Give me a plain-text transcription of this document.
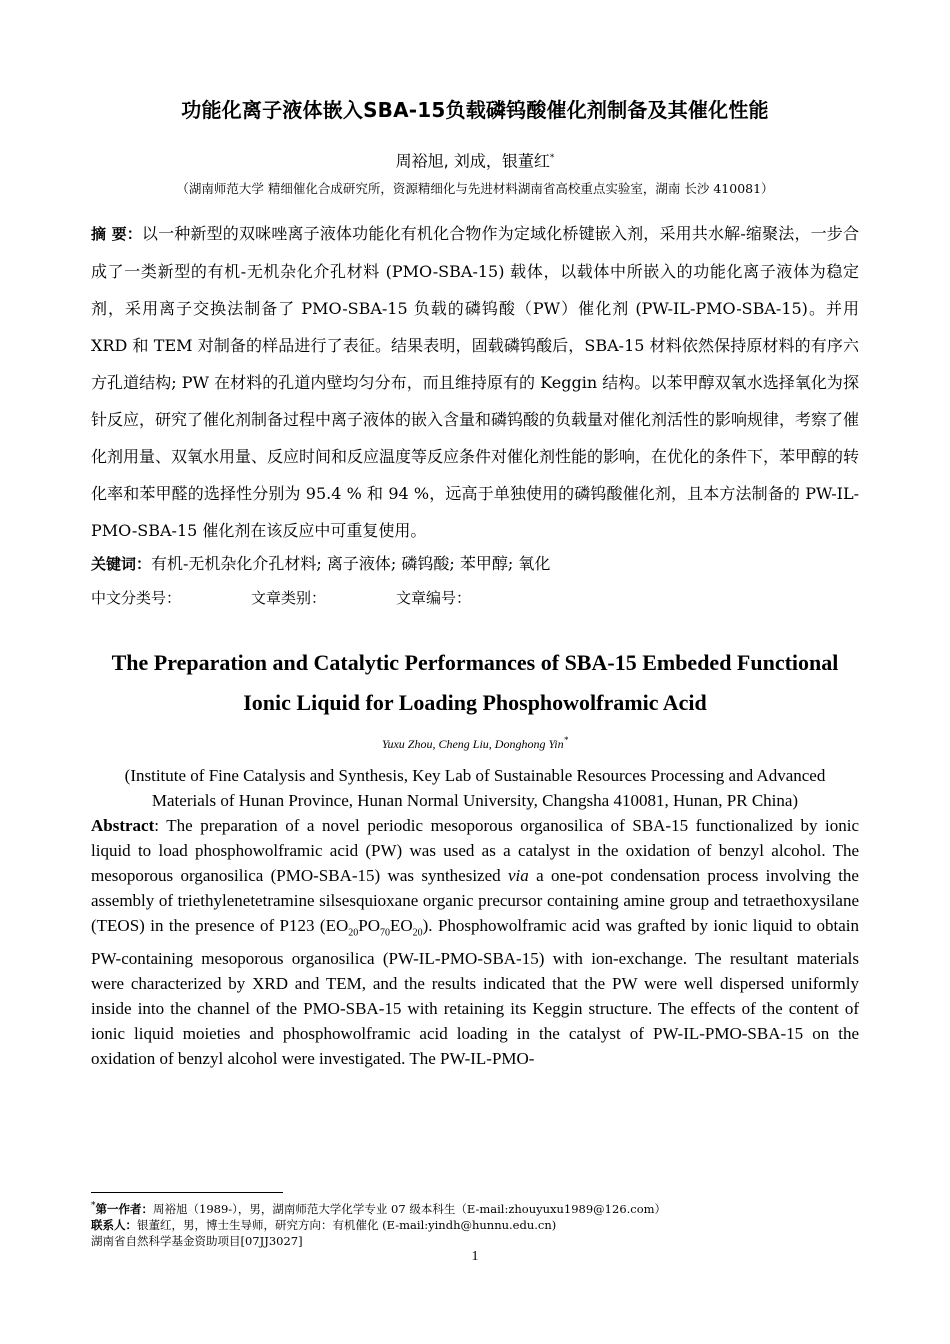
功能化离子液体嵌入SBA-15负载磷钨酸催化剂制备及其催化性能
周裕旭, 刘成，银董红*
（湖南师范大学 精细催化合成研究所，资源精细化与先进材料湖南省高校重点实验室，湖南 长沙 410081）

摘 要：以一种新型的双咪唑离子液体功能化有机化合物作为定域化桥键嵌入剂，采用共水解-缩聚法，一步合成了一类新型的有机-无机杂化介孔材料 (PMO-SBA-15) 载体，以载体中所嵌入的功能化离子液体为稳定剂，采用离子交换法制备了 PMO-SBA-15 负载的磷钨酸（PW）催化剂 (PW-IL-PMO-SBA-15)。并用 XRD 和 TEM 对制备的样品进行了表征。结果表明，固载磷钨酸后，SBA-15 材料依然保持原材料的有序六方孔道结构; PW 在材料的孔道内壁均匀分布，而且维持原有的 Keggin 结构。以苯甲醇双氧水选择氧化为探针反应，研究了催化剂制备过程中离子液体的嵌入含量和磷钨酸的负载量对催化剂活性的影响规律，考察了催化剂用量、双氧水用量、反应时间和反应温度等反应条件对催化剂性能的影响，在优化的条件下，苯甲醇的转化率和苯甲醛的选择性分别为 95.4 % 和 94 %，远高于单独使用的磷钨酸催化剂，且本方法制备的 PW-IL-PMO-SBA-15 催化剂在该反应中可重复使用。

关键词：有机-无机杂化介孔材料; 离子液体; 磷钨酸; 苯甲醇; 氧化

中文分类号：	文章类别：	文章编号：

The Preparation and Catalytic Performances of SBA-15 Embeded Functional Ionic Liquid for Loading Phosphowolframic Acid
Yuxu Zhou, Cheng Liu, Donghong Yin*
(Institute of Fine Catalysis and Synthesis, Key Lab of Sustainable Resources Processing and Advanced Materials of Hunan Province, Hunan Normal University, Changsha 410081, Hunan, PR China)

Abstract: The preparation of a novel periodic mesoporous organosilica of SBA-15 functionalized by ionic liquid to load phosphowolframic acid (PW) was used as a catalyst in the oxidation of benzyl alcohol. The mesoporous organosilica (PMO-SBA-15) was synthesized via a one-pot condensation process involving the assembly of triethylenetetramine silsesquioxane organic precursor containing amine group and tetraethoxysilane (TEOS) in the presence of P123 $(EO_{20}PO_{70}EO_{20})$. Phosphowolframic acid was grafted by ionic liquid to obtain PW-containing mesoporous organosilica (PW-IL-PMO-SBA-15) with ion-exchange. The resultant materials were characterized by XRD and TEM, and the results indicated that the PW were well dispersed uniformly inside into the channel of the PMO-SBA-15 with retaining its Keggin structure. The effects of the content of ionic liquid moieties and phosphowolframic acid loading in the catalyst of PW-IL-PMO-SBA-15 on the oxidation of benzyl alcohol were investigated. The PW-IL-PMO-

*第一作者：周裕旭（1989-），男，湖南师范大学化学专业 07 级本科生（E-mail:zhouyuxu1989@126.com）
联系人：银董红，男，博士生导师，研究方向：有机催化 (E-mail:yindh@hunnu.edu.cn)
湖南省自然科学基金资助项目[07JJ3027]
1
